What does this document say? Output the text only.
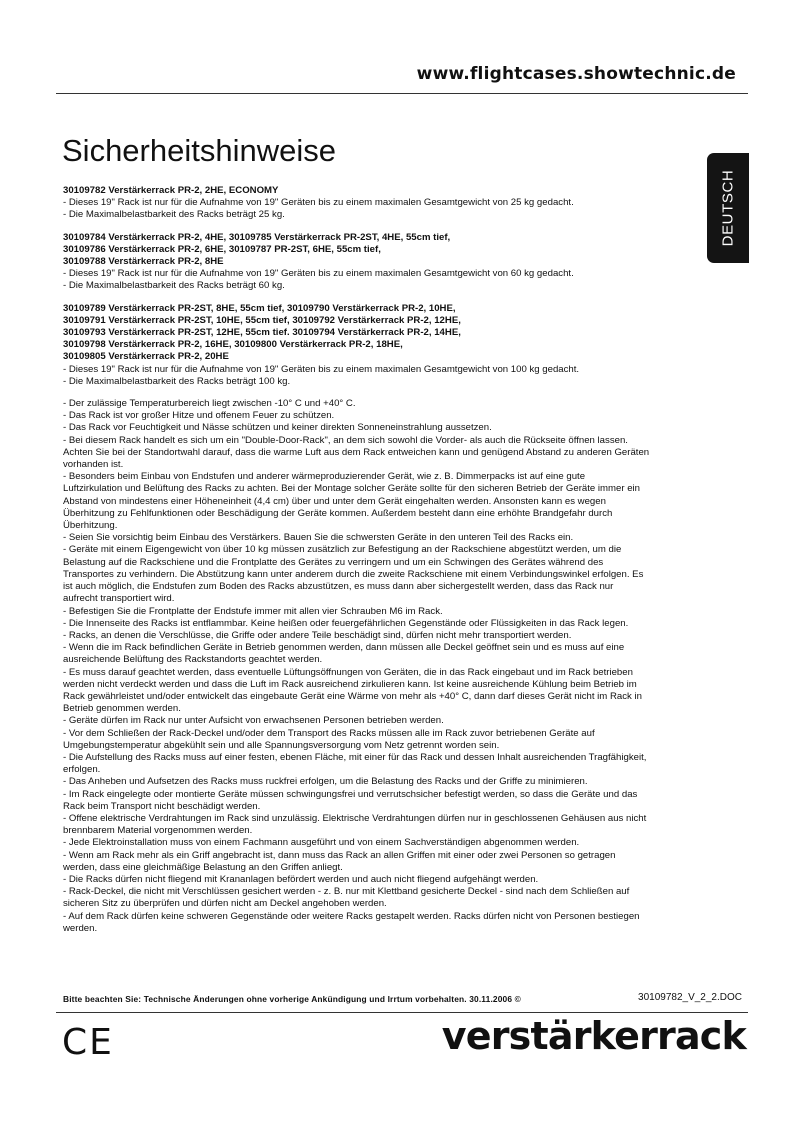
www.flightcases.showtechnic.de
Sicherheitshinweise
DEUTSCH
30109782 Verstärkerrack PR-2, 2HE, ECONOMY
- Dieses 19" Rack ist nur für die Aufnahme von 19" Geräten bis zu einem maximalen Gesamtgewicht von 25 kg gedacht.
- Die Maximalbelastbarkeit des Racks beträgt 25 kg.
30109784 Verstärkerrack PR-2, 4HE, 30109785 Verstärkerrack PR-2ST, 4HE, 55cm tief,
30109786 Verstärkerrack PR-2, 6HE, 30109787 PR-2ST, 6HE, 55cm tief,
30109788 Verstärkerrack PR-2, 8HE
- Dieses 19" Rack ist nur für die Aufnahme von 19" Geräten bis zu einem maximalen Gesamtgewicht von 60 kg gedacht.
- Die Maximalbelastbarkeit des Racks beträgt 60 kg.
30109789 Verstärkerrack PR-2ST, 8HE, 55cm tief, 30109790 Verstärkerrack PR-2, 10HE,
30109791 Verstärkerrack PR-2ST, 10HE, 55cm tief, 30109792 Verstärkerrack PR-2, 12HE,
30109793 Verstärkerrack PR-2ST, 12HE, 55cm tief. 30109794 Verstärkerrack PR-2, 14HE,
30109798 Verstärkerrack PR-2, 16HE, 30109800 Verstärkerrack PR-2, 18HE,
30109805 Verstärkerrack PR-2, 20HE
- Dieses 19" Rack ist nur für die Aufnahme von 19" Geräten bis zu einem maximalen Gesamtgewicht von 100 kg gedacht.
- Die Maximalbelastbarkeit des Racks beträgt 100 kg.
- Der zulässige Temperaturbereich liegt zwischen -10° C und +40° C.
- Das Rack ist vor großer Hitze und offenem Feuer zu schützen.
- Das Rack vor Feuchtigkeit und Nässe schützen und keiner direkten Sonneneinstrahlung aussetzen.
- Bei diesem Rack handelt es sich um ein "Double-Door-Rack", an dem sich sowohl die Vorder- als auch die Rückseite öffnen lassen.
Achten Sie bei der Standortwahl darauf, dass die warme Luft aus dem Rack entweichen kann und genügend Abstand zu anderen Geräten
vorhanden ist.
- Besonders beim Einbau von Endstufen und anderer wärmeproduzierender Gerät, wie z. B. Dimmerpacks ist auf eine gute
Luftzirkulation und Belüftung des Racks zu achten. Bei der Montage solcher Geräte sollte für den sicheren Betrieb der Geräte immer ein
Abstand von mindestens einer Höheneinheit (4,4 cm) über und unter dem Gerät eingehalten werden. Ansonsten kann es wegen
Überhitzung zu Fehlfunktionen oder Beschädigung der Geräte kommen. Außerdem besteht dann eine erhöhte Brandgefahr durch
Überhitzung.
- Seien Sie vorsichtig beim Einbau des Verstärkers. Bauen Sie die schwersten Geräte in den unteren Teil des Racks ein.
- Geräte mit einem Eigengewicht von über 10 kg müssen zusätzlich zur Befestigung an der Rackschiene abgestützt werden, um die
Belastung auf die Rackschiene und die Frontplatte des Gerätes zu verringern und um ein Schwingen des Gerätes während des
Transportes zu verhindern. Die Abstützung kann unter anderem durch die zweite Rackschiene mit einem Verbindungswinkel erfolgen. Es
ist auch möglich, die Endstufen zum Boden des Racks abzustützen, es muss dann aber sichergestellt werden, dass das Rack nur
aufrecht transportiert wird.
- Befestigen Sie die Frontplatte der Endstufe immer mit allen vier Schrauben M6 im Rack.
- Die Innenseite des Racks ist entflammbar. Keine heißen oder feuergefährlichen Gegenstände oder Flüssigkeiten in das Rack legen.
- Racks, an denen die Verschlüsse, die Griffe oder andere Teile beschädigt sind, dürfen nicht mehr transportiert werden.
- Wenn die im Rack befindlichen Geräte in Betrieb genommen werden, dann müssen alle Deckel geöffnet sein und es muss auf eine
ausreichende Belüftung des Rackstandorts geachtet werden.
- Es muss darauf geachtet werden, dass eventuelle Lüftungsöffnungen von Geräten, die in das Rack eingebaut und im Rack betrieben
werden nicht verdeckt werden und dass die Luft im Rack ausreichend zirkulieren kann. Ist keine ausreichende Kühlung beim Betrieb im
Rack gewährleistet und/oder entwickelt das eingebaute Gerät eine Wärme von mehr als +40° C, dann darf dieses Gerät nicht im Rack in
Betrieb genommen werden.
- Geräte dürfen im Rack nur unter Aufsicht von erwachsenen Personen betrieben werden.
- Vor dem Schließen der Rack-Deckel und/oder dem Transport des Racks müssen alle im Rack zuvor betriebenen Geräte auf
Umgebungstemperatur abgekühlt sein und alle Spannungsversorgung vom Netz getrennt worden sein.
- Die Aufstellung des Racks muss auf einer festen, ebenen Fläche, mit einer für das Rack und dessen Inhalt ausreichenden Tragfähigkeit,
erfolgen.
- Das Anheben und Aufsetzen des Racks muss ruckfrei erfolgen, um die Belastung des Racks und der Griffe zu minimieren.
- Im Rack eingelegte oder montierte Geräte müssen schwingungsfrei und verrutschsicher befestigt werden, so dass die Geräte und das
Rack beim Transport nicht beschädigt werden.
- Offene elektrische Verdrahtungen im Rack sind unzulässig. Elektrische Verdrahtungen dürfen nur in geschlossenen Gehäusen aus nicht
brennbarem Material vorgenommen werden.
- Jede Elektroinstallation muss von einem Fachmann ausgeführt und von einem Sachverständigen abgenommen werden.
- Wenn am Rack mehr als ein Griff angebracht ist, dann muss das Rack an allen Griffen mit einer oder zwei Personen so getragen
werden, dass eine gleichmäßige Belastung an den Griffen anliegt.
- Die Racks dürfen nicht fliegend mit Krananlagen befördert werden und auch nicht fliegend aufgehängt werden.
- Rack-Deckel, die nicht mit Verschlüssen gesichert werden - z. B. nur mit Klettband gesicherte Deckel - sind nach dem Schließen auf
sicheren Sitz zu überprüfen und dürfen nicht am Deckel angehoben werden.
- Auf dem Rack dürfen keine schweren Gegenstände oder weitere Racks gestapelt werden. Racks dürfen nicht von Personen bestiegen
werden.
Bitte beachten Sie: Technische Änderungen ohne vorherige Ankündigung und Irrtum vorbehalten. 30.11.2006 ©	30109782_V_2_2.DOC
CE	verstärkerrack
